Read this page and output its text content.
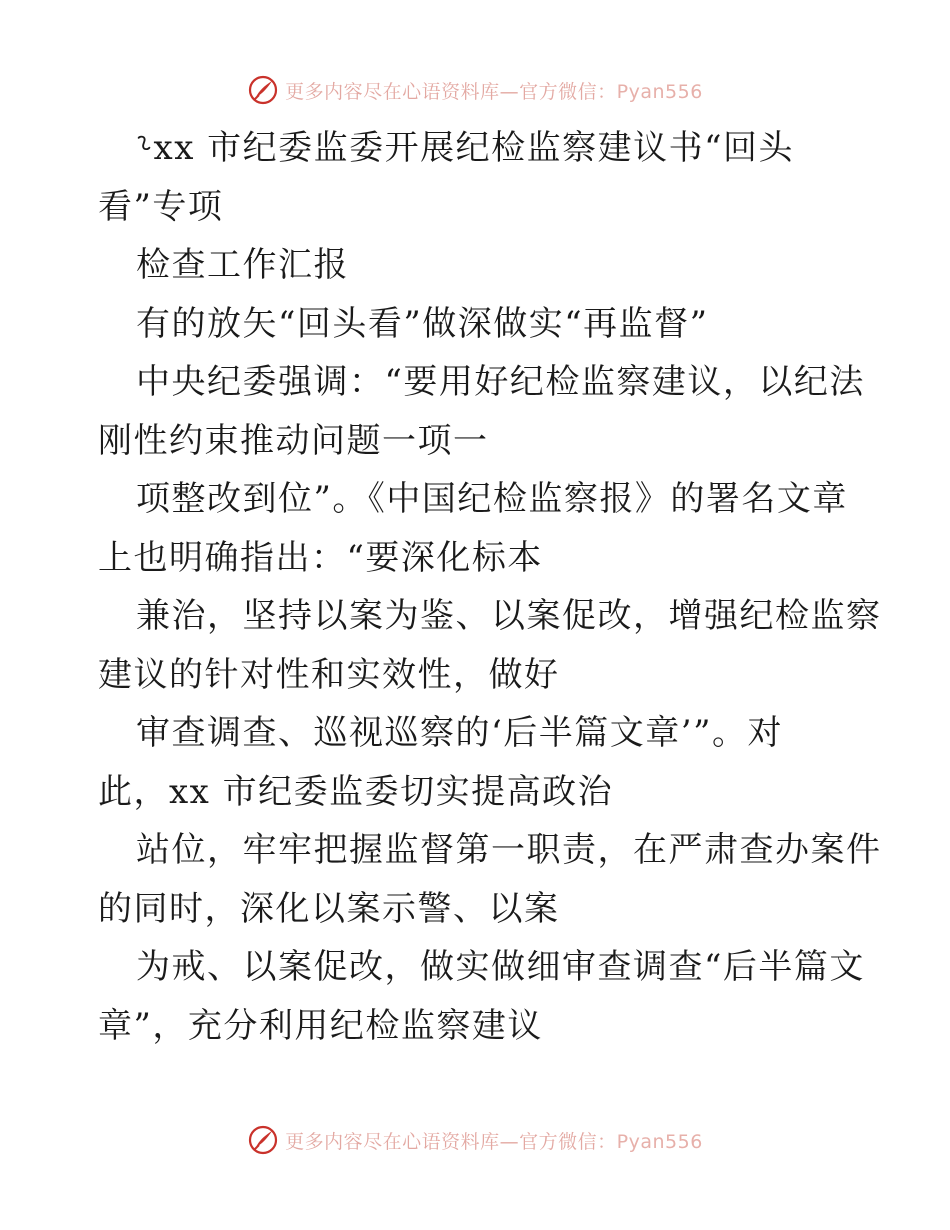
更多内容尽在心语资料库—官方微信：Pyan556
⸊xx 市纪委监委开展纪检监察建议书“回头
看”专项
检查工作汇报
有的放矢“回头看”做深做实“再监督”
中央纪委强调：“要用好纪检监察建议，以纪法
刚性约束推动问题一项一
项整改到位”。《中国纪检监察报》的署名文章
上也明确指出：“要深化标本
兼治，坚持以案为鉴、以案促改，增强纪检监察
建议的针对性和实效性，做好
审查调查、巡视巡察的‘后半篇文章’”。对
此，xx 市纪委监委切实提高政治
站位，牢牢把握监督第一职责，在严肃查办案件
的同时，深化以案示警、以案
为戒、以案促改，做实做细审查调查“后半篇文
章”，充分利用纪检监察建议
更多内容尽在心语资料库—官方微信：Pyan556
